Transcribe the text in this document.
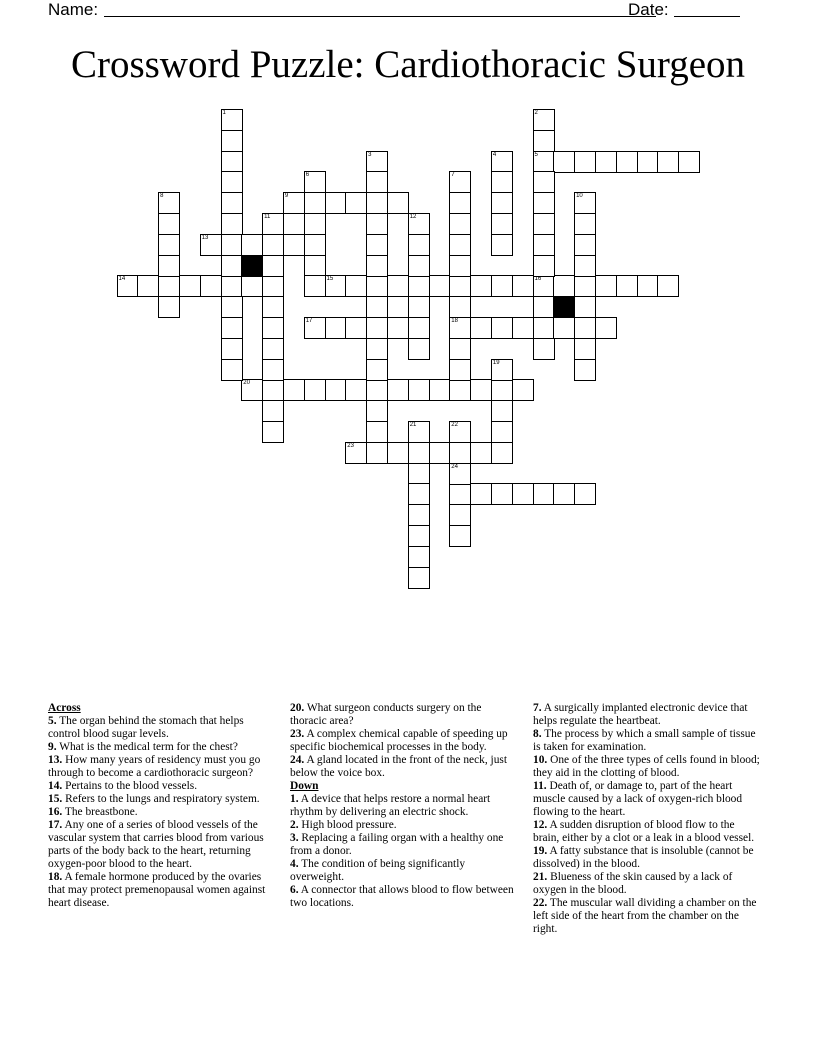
Name:	Date:
Crossword Puzzle: Cardiothoracic Surgeon
5
9
13
14	15	16
17	18
20
23
1	2
3	4
6	7
8	10
11	12
19
21	22
24
Across

5. The organ behind the stomach that helps control blood sugar levels.

9. What is the medical term for the chest?

13. How many years of residency must you go through to become a cardiothoracic surgeon?

14. Pertains to the blood vessels.

15. Refers to the lungs and respiratory system.

16. The breastbone.

17. Any one of a series of blood vessels of the vascular system that carries blood from various parts of the body back to the heart, returning oxygen-poor blood to the heart.

18. A female hormone produced by the ovaries that may protect premenopausal women against heart disease.

20. What surgeon conducts surgery on the thoracic area?

23. A complex chemical capable of speeding up specific biochemical processes in the body.

24. A gland located in the front of the neck, just below the voice box.

Down

1. A device that helps restore a normal heart rhythm by delivering an electric shock.

2. High blood pressure.

3. Replacing a failing organ with a healthy one from a donor.

4. The condition of being significantly overweight.

6. A connector that allows blood to flow between two locations.

7. A surgically implanted electronic device that helps regulate the heartbeat.

8. The process by which a small sample of tissue is taken for examination.

10. One of the three types of cells found in blood; they aid in the clotting of blood.

11. Death of, or damage to, part of the heart muscle caused by a lack of oxygen-rich blood flowing to the heart.

12. A sudden disruption of blood flow to the brain, either by a clot or a leak in a blood vessel.

19. A fatty substance that is insoluble (cannot be dissolved) in the blood.

21. Blueness of the skin caused by a lack of oxygen in the blood.

22. The muscular wall dividing a chamber on the left side of the heart from the chamber on the right.
